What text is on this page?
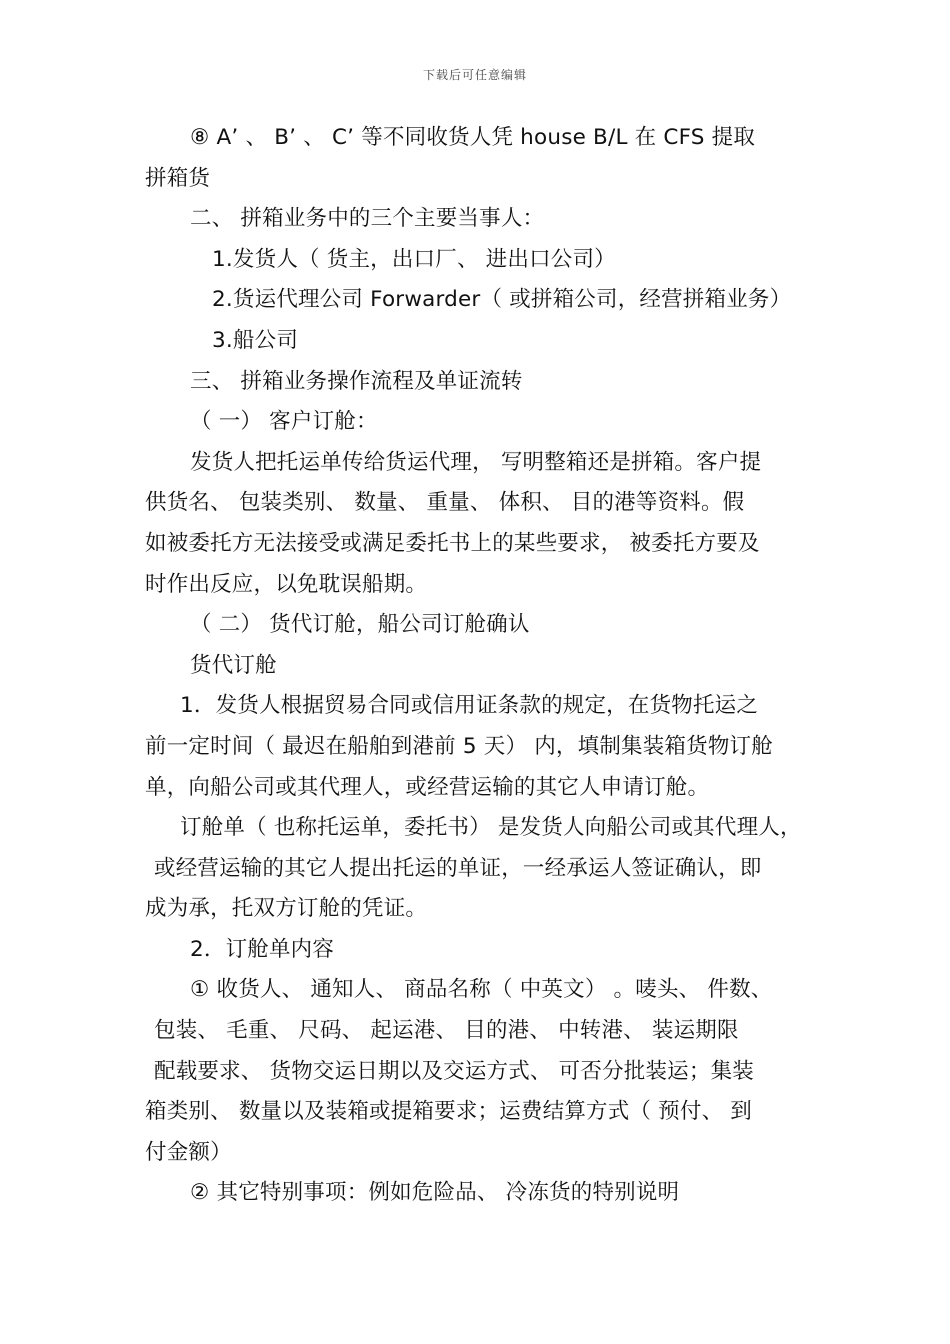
下载后可任意编辑
⑧ A’ 、 B’ 、 C’ 等不同收货人凭 house B/L 在 CFS 提取
拼箱货
二、 拼箱业务中的三个主要当事人：
1.发货人（ 货主，出口厂、 进出口公司）
2.货运代理公司 Forwarder（ 或拼箱公司，经营拼箱业务）
3.船公司
三、 拼箱业务操作流程及单证流转
（ 一） 客户订舱：
发货人把托运单传给货运代理， 写明整箱还是拼箱。客户提
供货名、 包装类别、 数量、 重量、 体积、 目的港等资料。假
如被委托方无法接受或满足委托书上的某些要求， 被委托方要及
时作出反应，以免耽误船期。
（ 二） 货代订舱，船公司订舱确认
货代订舱
1．发货人根据贸易合同或信用证条款的规定，在货物托运之
前一定时间（ 最迟在船舶到港前 5 天） 内，填制集装箱货物订舱
单，向船公司或其代理人，或经营运输的其它人申请订舱。
订舱单（ 也称托运单，委托书） 是发货人向船公司或其代理人，
或经营运输的其它人提出托运的单证，一经承运人签证确认，即
成为承，托双方订舱的凭证。
2．订舱单内容
① 收货人、 通知人、 商品名称（ 中英文） 。唛头、 件数、
包装、 毛重、 尺码、 起运港、 目的港、 中转港、 装运期限
配载要求、 货物交运日期以及交运方式、 可否分批装运；集装
箱类别、 数量以及装箱或提箱要求；运费结算方式（ 预付、 到
付金额）
② 其它特别事项：例如危险品、 冷冻货的特别说明
